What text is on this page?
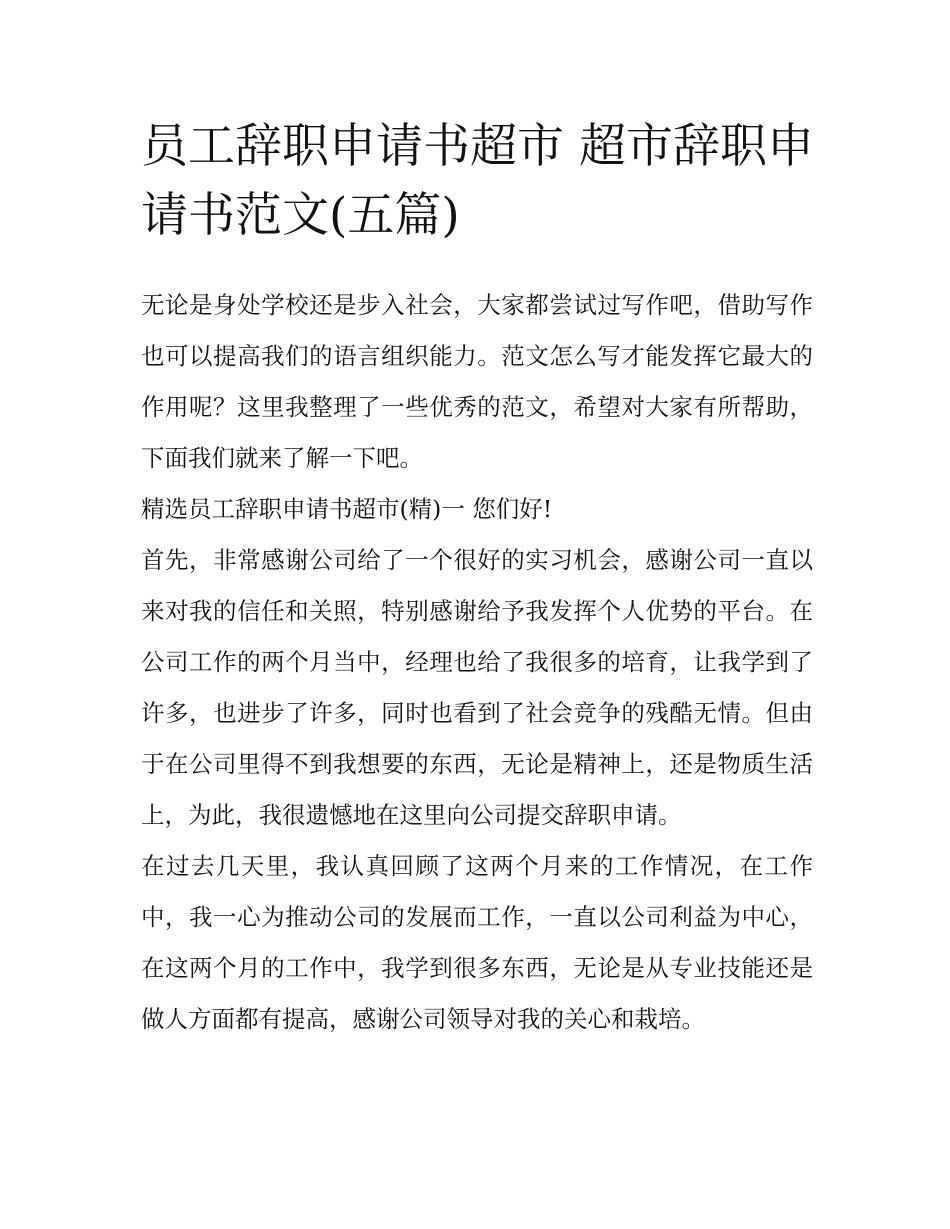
员工辞职申请书超市 超市辞职申请书范文(五篇)

无论是身处学校还是步入社会，大家都尝试过写作吧，借助写作也可以提高我们的语言组织能力。范文怎么写才能发挥它最大的作用呢？这里我整理了一些优秀的范文，希望对大家有所帮助，下面我们就来了解一下吧。

精选员工辞职申请书超市(精)一 您们好!

首先，非常感谢公司给了一个很好的实习机会，感谢公司一直以来对我的信任和关照，特别感谢给予我发挥个人优势的平台。在公司工作的两个月当中，经理也给了我很多的培育，让我学到了许多，也进步了许多，同时也看到了社会竞争的残酷无情。但由于在公司里得不到我想要的东西，无论是精神上，还是物质生活上，为此，我很遗憾地在这里向公司提交辞职申请。

在过去几天里，我认真回顾了这两个月来的工作情况，在工作中，我一心为推动公司的发展而工作，一直以公司利益为中心，在这两个月的工作中，我学到很多东西，无论是从专业技能还是做人方面都有提高，感谢公司领导对我的关心和栽培。
